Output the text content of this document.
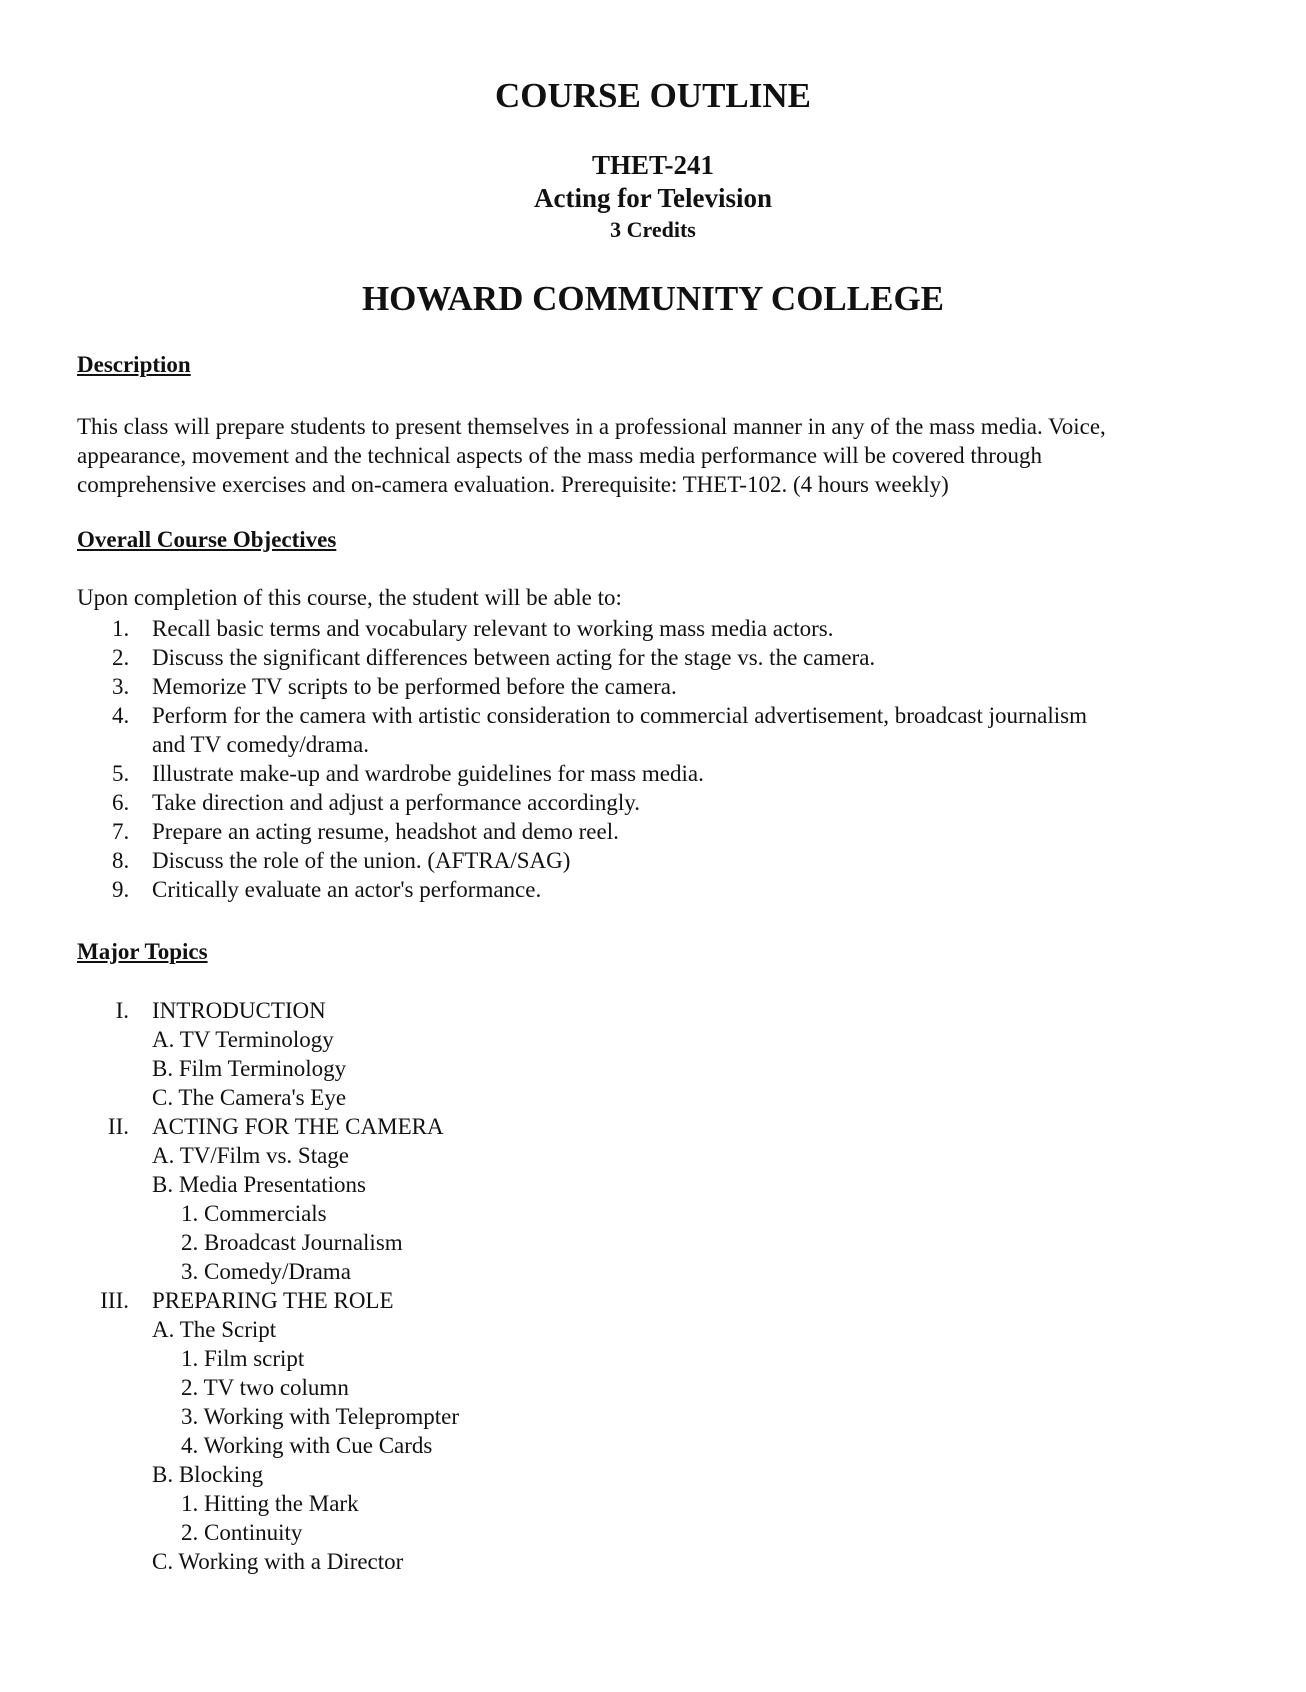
COURSE OUTLINE
THET-241
Acting for Television
3 Credits
HOWARD COMMUNITY COLLEGE
Description
This class will prepare students to present themselves in a professional manner in any of the mass media. Voice,
appearance, movement and the technical aspects of the mass media performance will be covered through
comprehensive exercises and on-camera evaluation. Prerequisite: THET-102. (4 hours weekly)
Overall Course Objectives
Upon completion of this course, the student will be able to:
1. Recall basic terms and vocabulary relevant to working mass media actors.
2. Discuss the significant differences between acting for the stage vs. the camera.
3. Memorize TV scripts to be performed before the camera.
4. Perform for the camera with artistic consideration to commercial advertisement, broadcast journalism
and TV comedy/drama.
5. Illustrate make-up and wardrobe guidelines for mass media.
6. Take direction and adjust a performance accordingly.
7. Prepare an acting resume, headshot and demo reel.
8. Discuss the role of the union. (AFTRA/SAG)
9. Critically evaluate an actor's performance.
Major Topics
I. INTRODUCTION
A. TV Terminology
B. Film Terminology
C. The Camera's Eye
II. ACTING FOR THE CAMERA
A. TV/Film vs. Stage
B. Media Presentations
1. Commercials
2. Broadcast Journalism
3. Comedy/Drama
III. PREPARING THE ROLE
A. The Script
1. Film script
2. TV two column
3. Working with Teleprompter
4. Working with Cue Cards
B. Blocking
1. Hitting the Mark
2. Continuity
C. Working with a Director
